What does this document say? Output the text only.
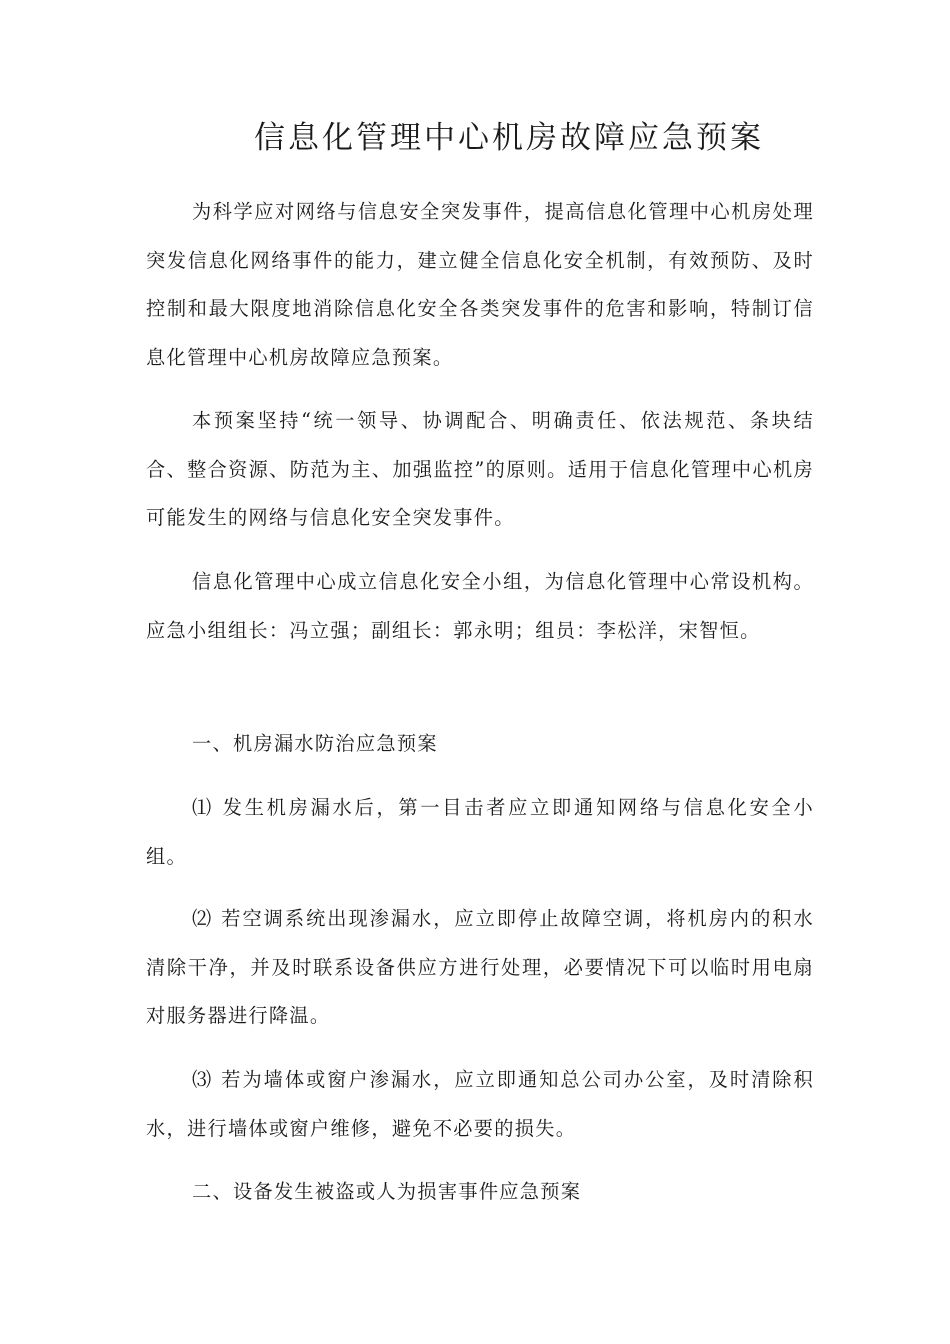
信息化管理中心机房故障应急预案

为科学应对网络与信息安全突发事件，提高信息化管理中心机房处理突发信息化网络事件的能力，建立健全信息化安全机制，有效预防、及时控制和最大限度地消除信息化安全各类突发事件的危害和影响，特制订信息化管理中心机房故障应急预案。

本预案坚持“统一领导、协调配合、明确责任、依法规范、条块结合、整合资源、防范为主、加强监控”的原则。适用于信息化管理中心机房可能发生的网络与信息化安全突发事件。

信息化管理中心成立信息化安全小组，为信息化管理中心常设机构。应急小组组长：冯立强；副组长：郭永明；组员：李松洋，宋智恒。

一、机房漏水防治应急预案

⑴ 发生机房漏水后，第一目击者应立即通知网络与信息化安全小组。

⑵ 若空调系统出现渗漏水，应立即停止故障空调，将机房内的积水清除干净，并及时联系设备供应方进行处理，必要情况下可以临时用电扇对服务器进行降温。

⑶ 若为墙体或窗户渗漏水，应立即通知总公司办公室，及时清除积水，进行墙体或窗户维修，避免不必要的损失。

二、设备发生被盗或人为损害事件应急预案
